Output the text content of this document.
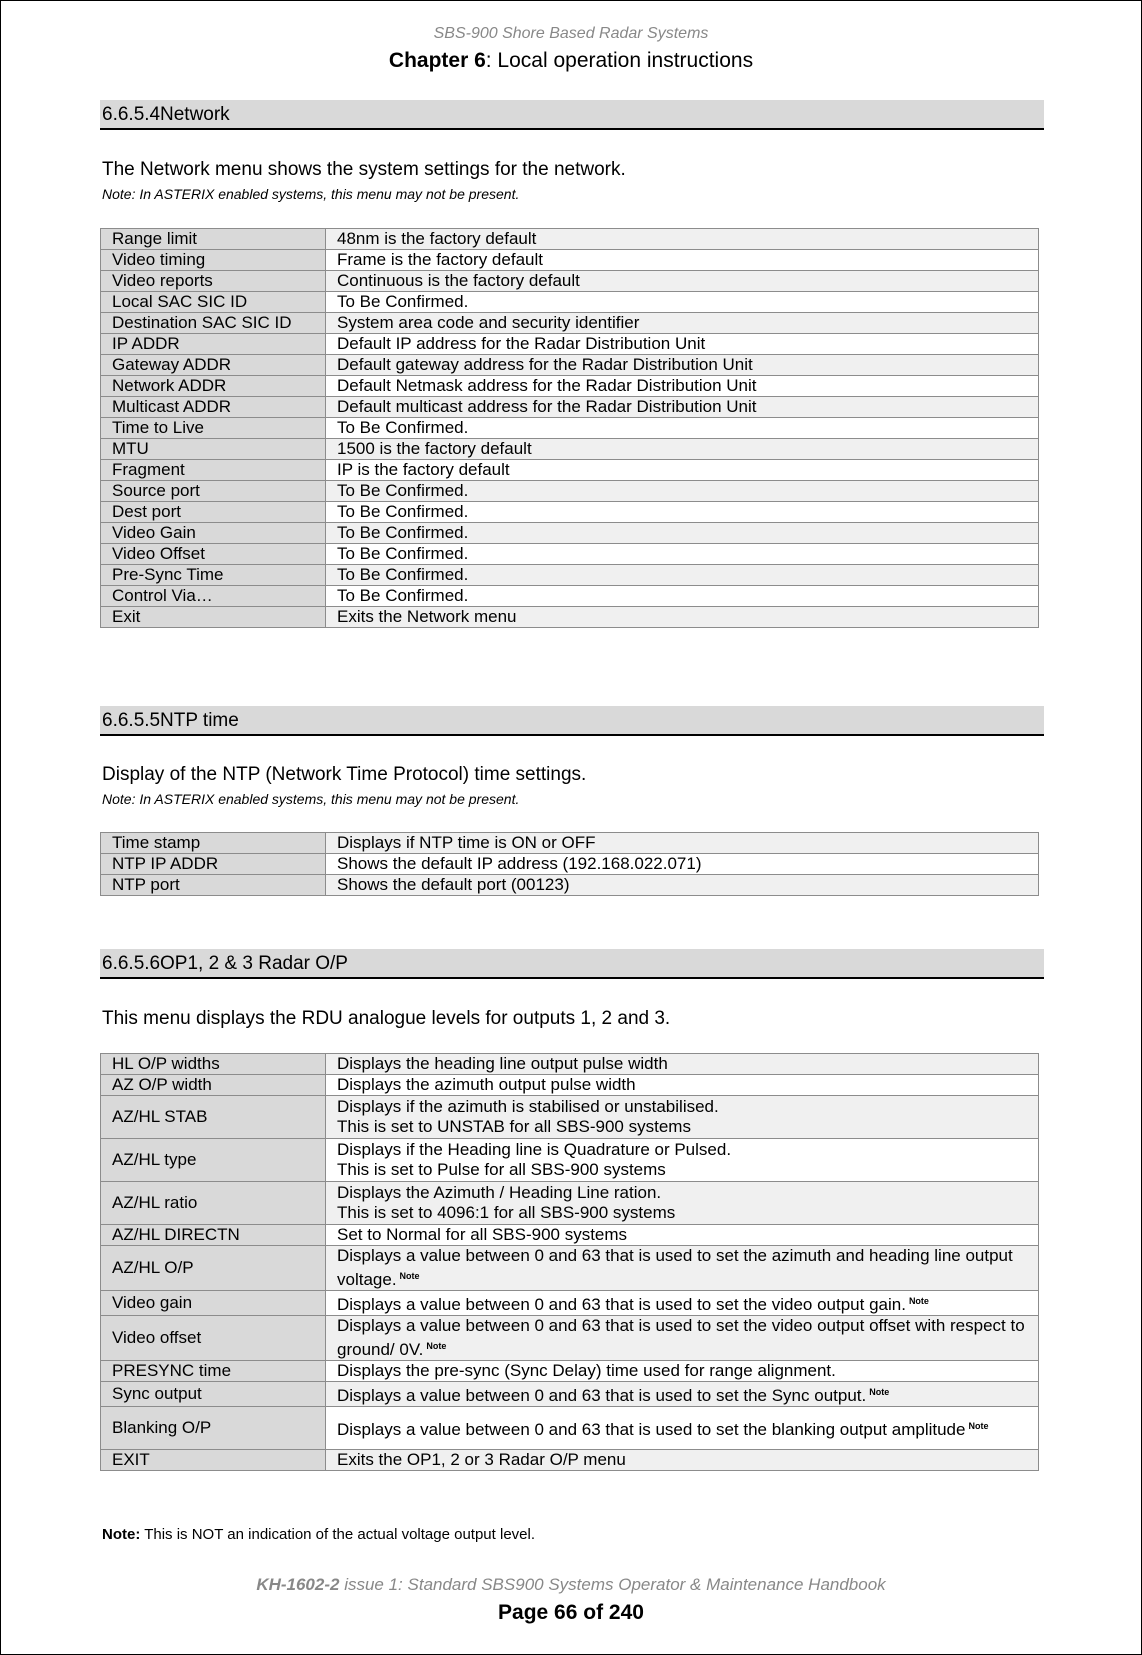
SBS-900 Shore Based Radar Systems
Chapter 6: Local operation instructions
6.6.5.4Network
The Network menu shows the system settings for the network.
Note: In ASTERIX enabled systems, this menu may not be present.
Range limit	48nm is the factory default
Video timing	Frame is the factory default
Video reports	Continuous is the factory default
Local SAC SIC ID	To Be Confirmed.
Destination SAC SIC ID	System area code and security identifier
IP ADDR	Default IP address for the Radar Distribution Unit
Gateway ADDR	Default gateway address for the Radar Distribution Unit
Network ADDR	Default Netmask address for the Radar Distribution Unit
Multicast ADDR	Default multicast address for the Radar Distribution Unit
Time to Live	To Be Confirmed.
MTU	1500 is the factory default
Fragment	IP is the factory default
Source port	To Be Confirmed.
Dest port	To Be Confirmed.
Video Gain	To Be Confirmed.
Video Offset	To Be Confirmed.
Pre-Sync Time	To Be Confirmed.
Control Via…	To Be Confirmed.
Exit	Exits the Network menu
6.6.5.5NTP time
Display of the NTP (Network Time Protocol) time settings.
Note: In ASTERIX enabled systems, this menu may not be present.
Time stamp	Displays if NTP time is ON or OFF
NTP IP ADDR	Shows the default IP address (192.168.022.071)
NTP port	Shows the default port (00123)
6.6.5.6OP1, 2 & 3 Radar O/P
This menu displays the RDU analogue levels for outputs 1, 2 and 3.
HL O/P widths	Displays the heading line output pulse width
AZ O/P width	Displays the azimuth output pulse width
AZ/HL STAB	Displays if the azimuth is stabilised or unstabilised.
This is set to UNSTAB for all SBS-900 systems
AZ/HL type	Displays if the Heading line is Quadrature or Pulsed.
This is set to Pulse for all SBS-900 systems
AZ/HL ratio	Displays the Azimuth / Heading Line ration.
This is set to 4096:1 for all SBS-900 systems
AZ/HL DIRECTN	Set to Normal for all SBS-900 systems
AZ/HL O/P	Displays a value between 0 and 63 that is used to set the azimuth and heading line output voltage. $^{Note}$
Video gain	Displays a value between 0 and 63 that is used to set the video output gain. $^{Note}$
Video offset	Displays a value between 0 and 63 that is used to set the video output offset with respect to ground/ 0V. $^{Note}$
PRESYNC time	Displays the pre-sync (Sync Delay) time used for range alignment.
Sync output	Displays a value between 0 and 63 that is used to set the Sync output. $^{Note}$
Blanking O/P	Displays a value between 0 and 63 that is used to set the blanking output amplitude $^{Note}$
EXIT	Exits the OP1, 2 or 3 Radar O/P menu
Note: This is NOT an indication of the actual voltage output level.
KH-1602-2 issue 1: Standard SBS900 Systems Operator & Maintenance Handbook
Page 66 of 240
